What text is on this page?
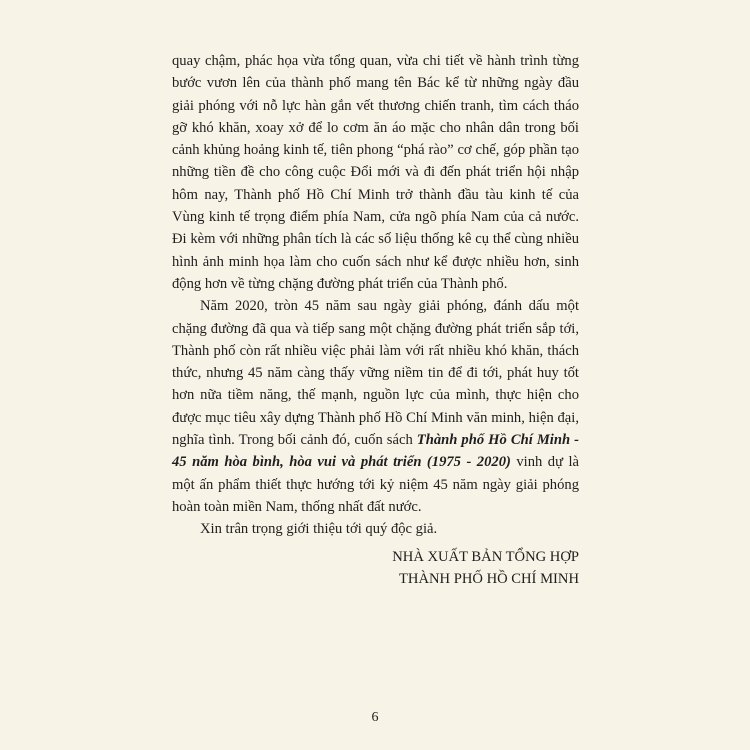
quay chậm, phác họa vừa tổng quan, vừa chi tiết về hành trình từng bước vươn lên của thành phố mang tên Bác kể từ những ngày đầu giải phóng với nỗ lực hàn gắn vết thương chiến tranh, tìm cách tháo gỡ khó khăn, xoay xở để lo cơm ăn áo mặc cho nhân dân trong bối cảnh khủng hoảng kinh tế, tiên phong “phá rào” cơ chế, góp phần tạo những tiền đề cho công cuộc Đổi mới và đi đến phát triển hội nhập hôm nay, Thành phố Hồ Chí Minh trở thành đầu tàu kinh tế của Vùng kinh tế trọng điểm phía Nam, cửa ngõ phía Nam của cả nước. Đi kèm với những phân tích là các số liệu thống kê cụ thể cùng nhiều hình ảnh minh họa làm cho cuốn sách như kể được nhiều hơn, sinh động hơn về từng chặng đường phát triển của Thành phố.

Năm 2020, tròn 45 năm sau ngày giải phóng, đánh dấu một chặng đường đã qua và tiếp sang một chặng đường phát triển sắp tới, Thành phố còn rất nhiều việc phải làm với rất nhiều khó khăn, thách thức, nhưng 45 năm càng thấy vững niềm tin để đi tới, phát huy tốt hơn nữa tiềm năng, thế mạnh, nguồn lực của mình, thực hiện cho được mục tiêu xây dựng Thành phố Hồ Chí Minh văn minh, hiện đại, nghĩa tình. Trong bối cảnh đó, cuốn sách Thành phố Hồ Chí Minh - 45 năm hòa bình, hòa vui và phát triển (1975 - 2020) vinh dự là một ấn phẩm thiết thực hướng tới kỷ niệm 45 năm ngày giải phóng hoàn toàn miền Nam, thống nhất đất nước.

Xin trân trọng giới thiệu tới quý độc giả.

NHÀ XUẤT BẢN TỔNG HỢP
THÀNH PHỐ HỒ CHÍ MINH
6
